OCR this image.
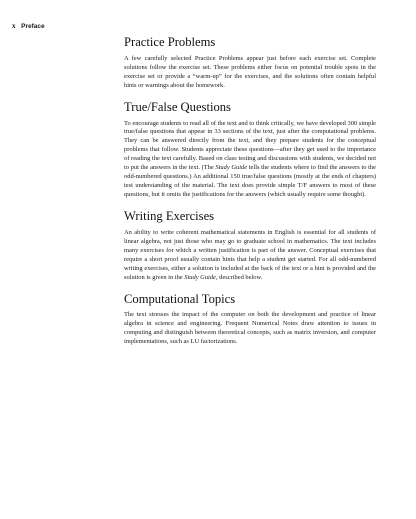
x Preface
Practice Problems

A few carefully selected Practice Problems appear just before each exercise set. Complete solutions follow the exercise set. These problems either focus on potential trouble spots in the exercise set or provide a “warm-up” for the exercises, and the solutions often contain helpful hints or warnings about the homework.

True/False Questions

To encourage students to read all of the text and to think critically, we have developed 300 simple true/false questions that appear in 33 sections of the text, just after the computational problems. They can be answered directly from the text, and they prepare students for the conceptual problems that follow. Students appreciate these questions—after they get used to the importance of reading the text carefully. Based on class testing and discussions with students, we decided not to put the answers in the text. (The Study Guide tells the students where to find the answers to the odd-numbered questions.) An additional 150 true/false questions (mostly at the ends of chapters) test understanding of the material. The text does provide simple T/F answers to most of these questions, but it omits the justifications for the answers (which usually require some thought).

Writing Exercises

An ability to write coherent mathematical statements in English is essential for all students of linear algebra, not just those who may go to graduate school in mathematics. The text includes many exercises for which a written justification is part of the answer. Conceptual exercises that require a short proof usually contain hints that help a student get started. For all odd-numbered writing exercises, either a solution is included at the back of the text or a hint is provided and the solution is given in the Study Guide, described below.

Computational Topics

The text stresses the impact of the computer on both the development and practice of linear algebra in science and engineering. Frequent Numerical Notes draw attention to issues in computing and distinguish between theoretical concepts, such as matrix inversion, and computer implementations, such as LU factorizations.
